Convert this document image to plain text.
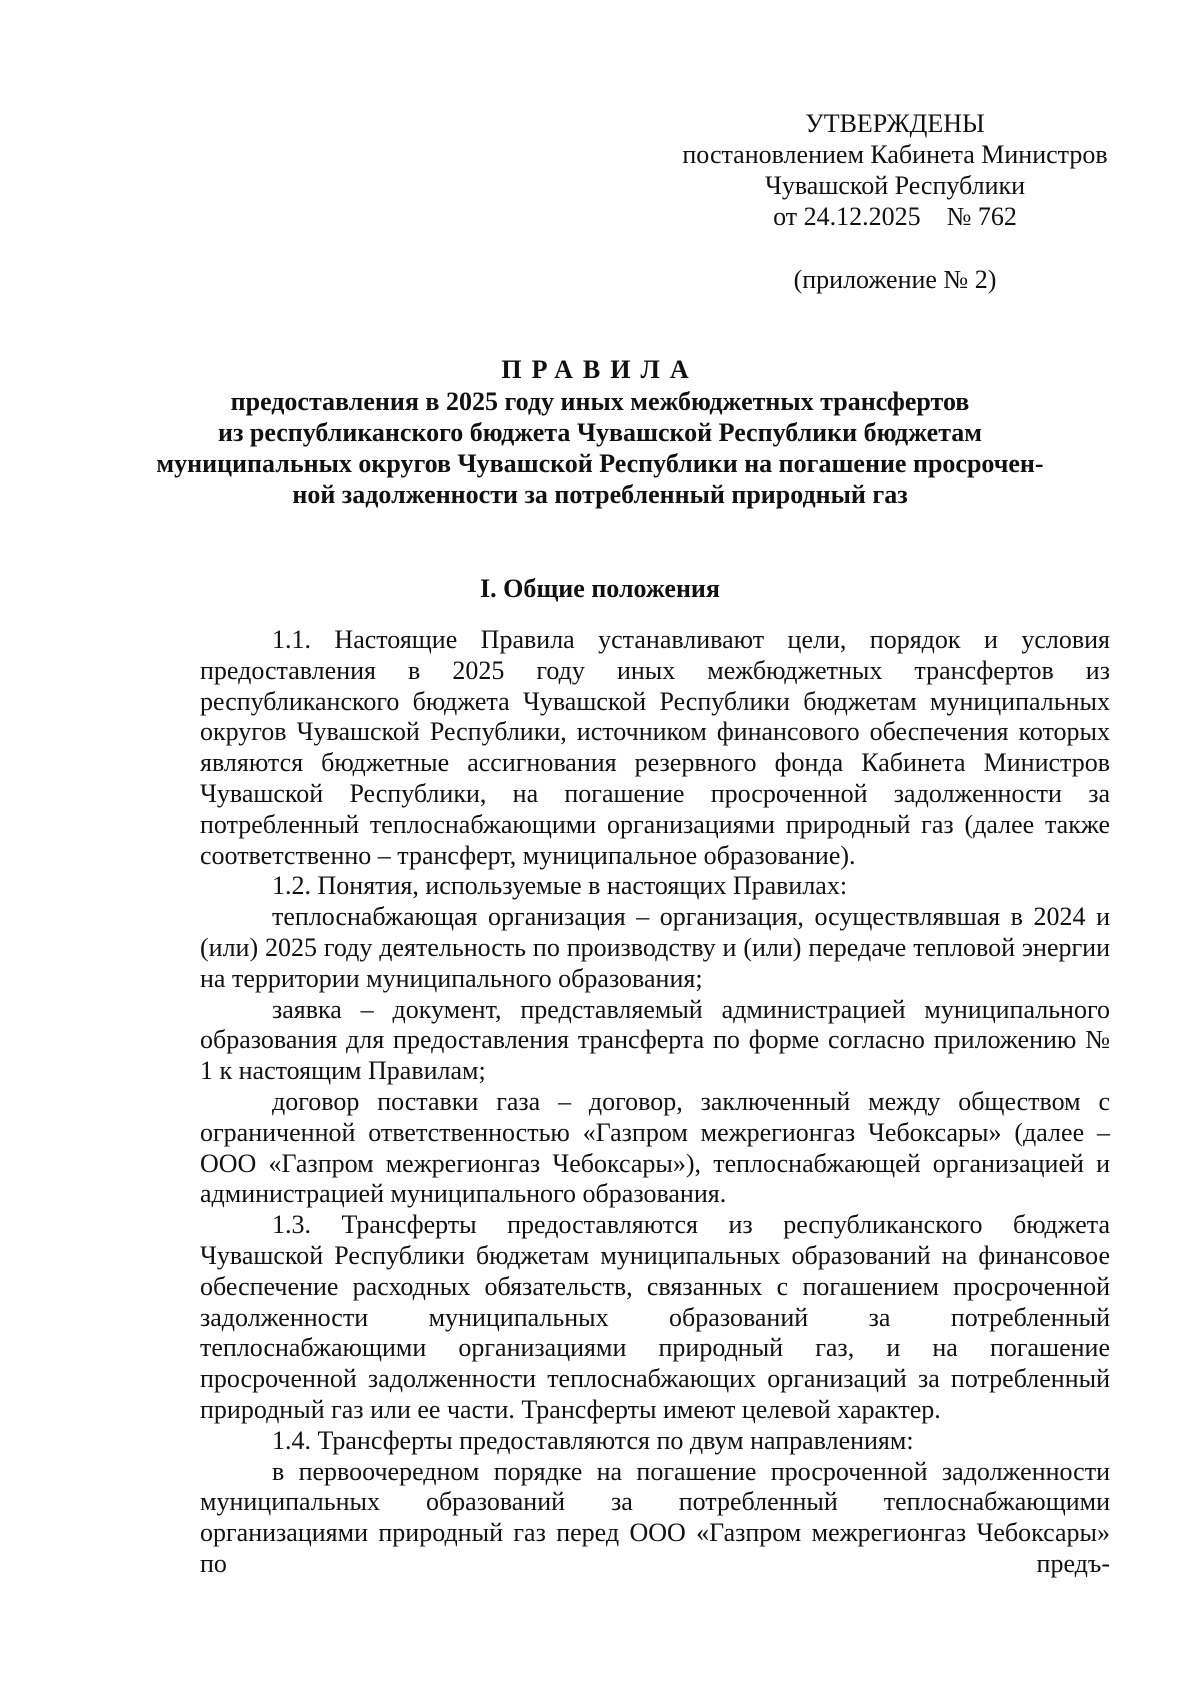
УТВЕРЖДЕНЫ
постановлением Кабинета Министров
Чувашской Республики
от 24.12.2025    № 762
(приложение № 2)
ПРАВИЛА
предоставления в 2025 году иных межбюджетных трансфертов
из республиканского бюджета Чувашской Республики бюджетам
муниципальных округов Чувашской Республики на погашение просрочен-
ной задолженности за потребленный природный газ
I. Общие положения

1.1. Настоящие Правила устанавливают цели, порядок и условия предоставления в 2025 году иных межбюджетных трансфертов из республиканского бюджета Чувашской Республики бюджетам муниципальных округов Чувашской Республики, источником финансового обеспечения которых являются бюджетные ассигнования резервного фонда Кабинета Министров Чувашской Республики, на погашение просроченной задолженности за потребленный теплоснабжающими организациями природный газ (далее также соответственно – трансферт, муниципальное образование).

1.2. Понятия, используемые в настоящих Правилах:

теплоснабжающая организация – организация, осуществлявшая в 2024 и (или) 2025 году деятельность по производству и (или) передаче тепловой энергии на территории муниципального образования;

заявка – документ, представляемый администрацией муниципального образования для предоставления трансферта по форме согласно приложению № 1 к настоящим Правилам;

договор поставки газа – договор, заключенный между обществом с ограниченной ответственностью «Газпром межрегионгаз Чебоксары» (далее – ООО «Газпром межрегионгаз Чебоксары»), теплоснабжающей организацией и администрацией муниципального образования.

1.3. Трансферты предоставляются из республиканского бюджета Чувашской Республики бюджетам муниципальных образований на финансовое обеспечение расходных обязательств, связанных с погашением просроченной задолженности муниципальных образований за потребленный теплоснабжающими организациями природный газ, и на погашение просроченной задолженности теплоснабжающих организаций за потребленный природный газ или ее части. Трансферты имеют целевой характер.

1.4. Трансферты предоставляются по двум направлениям:

в первоочередном порядке на погашение просроченной задолженности муниципальных образований за потребленный теплоснабжающими организациями природный газ перед ООО «Газпром межрегионгаз Чебоксары» по предъ-
